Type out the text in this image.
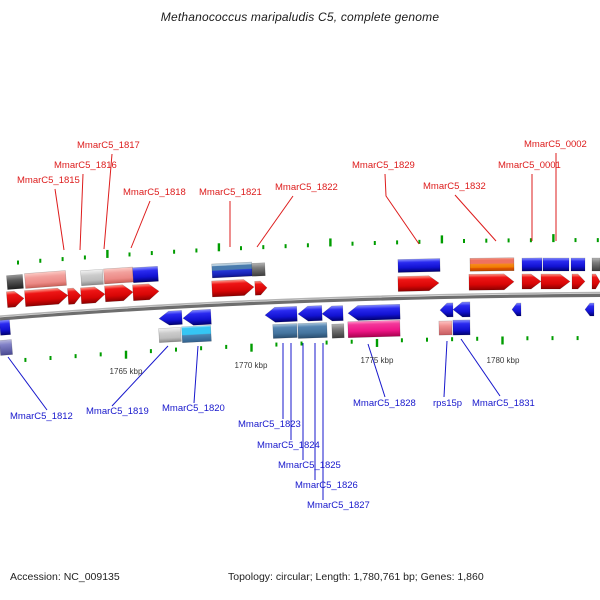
Methanococcus maripaludis C5, complete genome
MmarC5_1815
MmarC5_1816
MmarC5_1817
MmarC5_1818 MmarC5_1821 MmarC5_1822
MmarC5_1829
MmarC5_1832
MmarC5_0001
MmarC5_0002
MmarC5_1812 MmarC5_1819 MmarC5_1820
MmarC5_1823
MmarC5_1824
MmarC5_1825
MmarC5_1826
MmarC5_1827
MmarC5_1828 rps15p MmarC5_1831
1765 kbp
1770 kbp
1775 kbp	1780 kbp
Accession: NC_009135	Topology: circular; Length: 1,780,761 bp; Genes: 1,860
